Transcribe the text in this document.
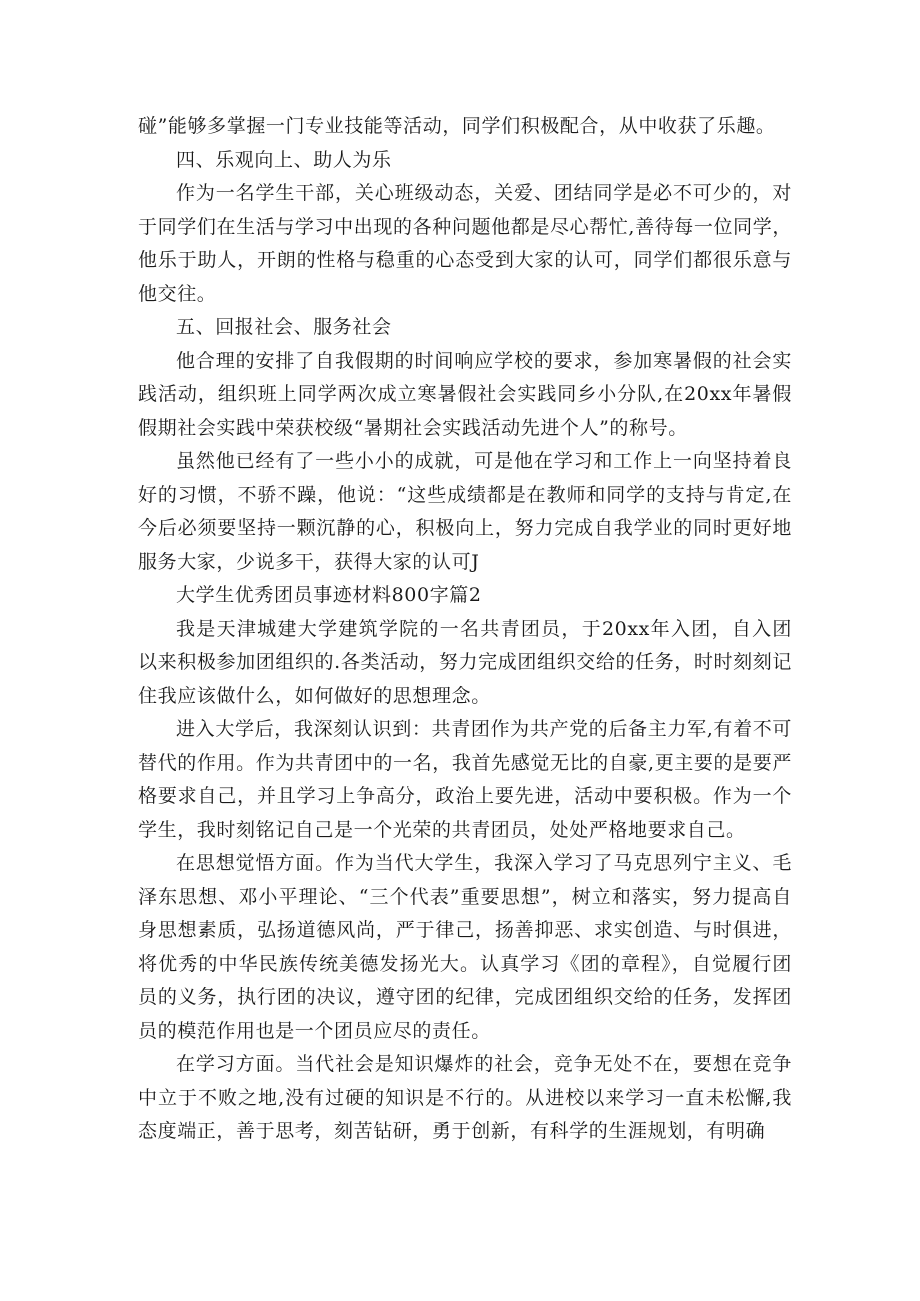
碰”能够多掌握一门专业技能等活动，同学们积极配合，从中收获了乐趣。

四、乐观向上、助人为乐

作为一名学生干部，关心班级动态，关爱、团结同学是必不可少的，对于同学们在生活与学习中出现的各种问题他都是尽心帮忙,善待每一位同学，他乐于助人，开朗的性格与稳重的心态受到大家的认可，同学们都很乐意与他交往。

五、回报社会、服务社会

他合理的安排了自我假期的时间响应学校的要求，参加寒暑假的社会实践活动，组织班上同学两次成立寒暑假社会实践同乡小分队,在20xx年暑假假期社会实践中荣获校级“暑期社会实践活动先进个人”的称号。

虽然他已经有了一些小小的成就，可是他在学习和工作上一向坚持着良好的习惯，不骄不躁，他说：“这些成绩都是在教师和同学的支持与肯定,在今后必须要坚持一颗沉静的心，积极向上，努力完成自我学业的同时更好地服务大家，少说多干，获得大家的认可J

大学生优秀团员事迹材料800字篇2

我是天津城建大学建筑学院的一名共青团员，于20xx年入团，自入团以来积极参加团组织的.各类活动，努力完成团组织交给的任务，时时刻刻记住我应该做什么，如何做好的思想理念。

进入大学后，我深刻认识到：共青团作为共产党的后备主力军,有着不可替代的作用。作为共青团中的一名，我首先感觉无比的自豪,更主要的是要严格要求自己，并且学习上争高分，政治上要先进，活动中要积极。作为一个学生，我时刻铭记自己是一个光荣的共青团员，处处严格地要求自己。

在思想觉悟方面。作为当代大学生，我深入学习了马克思列宁主义、毛泽东思想、邓小平理论、“三个代表”重要思想”，树立和落实，努力提高自身思想素质，弘扬道德风尚，严于律己，扬善抑恶、求实创造、与时俱进，将优秀的中华民族传统美德发扬光大。认真学习《团的章程》，自觉履行团员的义务，执行团的决议，遵守团的纪律，完成团组织交给的任务，发挥团员的模范作用也是一个团员应尽的责任。

在学习方面。当代社会是知识爆炸的社会，竞争无处不在，要想在竞争中立于不败之地,没有过硬的知识是不行的。从进校以来学习一直未松懈,我态度端正，善于思考，刻苦钻研，勇于创新，有科学的生涯规划，有明确
